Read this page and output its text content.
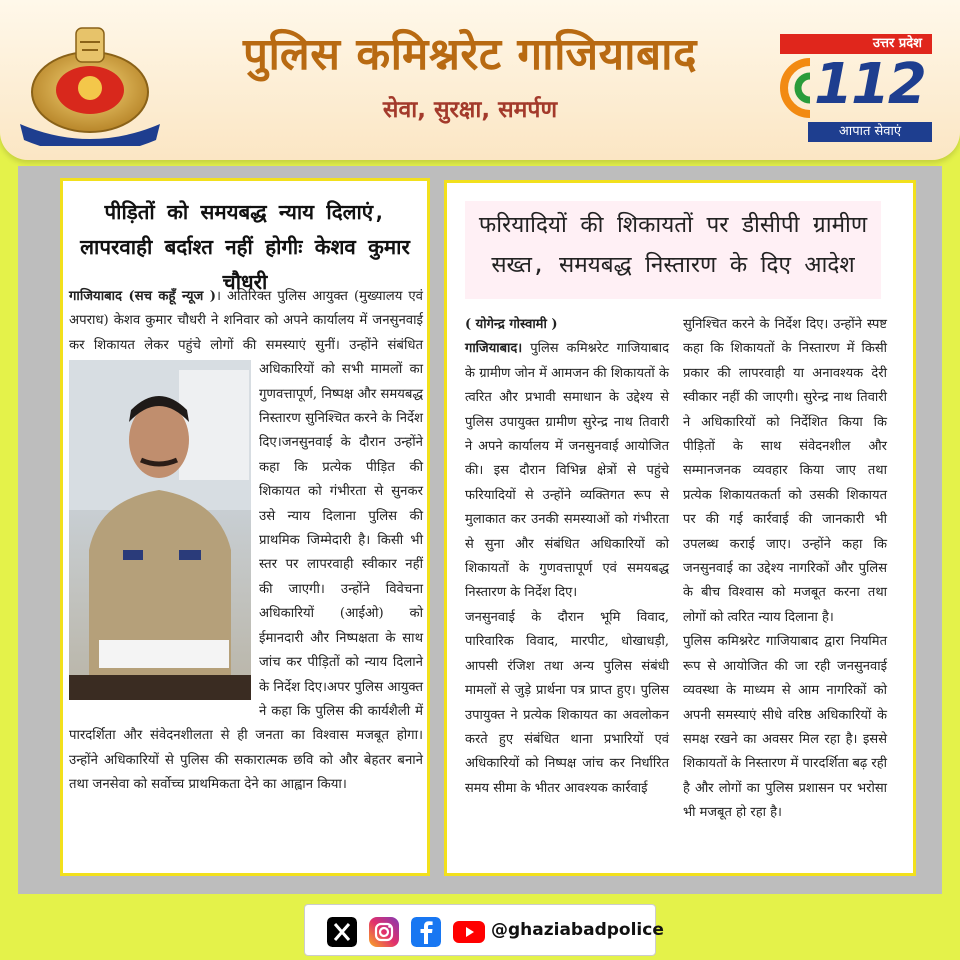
पुलिस कमिश्नरेट गाजियाबाद
सेवा, सुरक्षा, समर्पण
उत्तर प्रदेश
112
आपात सेवाएं
पीड़ितों को समयबद्ध न्याय दिलाएं, लापरवाही बर्दाश्त नहीं होगीः केशव कुमार चौधरी
गाजियाबाद (सच कहूँ न्यूज )। अतिरिक्त पुलिस आयुक्त (मुख्यालय एवं अपराध) केशव कुमार चौधरी ने शनिवार को अपने कार्यालय में जनसुनवाई कर शिकायत लेकर पहुंचे लोगों की समस्याएं सुनीं। उन्होंने संबंधित अधिकारियों को सभी मामलों का गुणवत्तापूर्ण, निष्पक्ष और समयबद्ध निस्तारण सुनिश्चित करने के निर्देश दिए।जनसुनवाई के दौरान उन्होंने कहा कि प्रत्येक पीड़ित की शिकायत को गंभीरता से सुनकर उसे न्याय दिलाना पुलिस की प्राथमिक जिम्मेदारी है। किसी भी स्तर पर लापरवाही स्वीकार नहीं की जाएगी। उन्होंने विवेचना अधिकारियों (आईओ) को ईमानदारी और निष्पक्षता के साथ जांच कर पीड़ितों को न्याय दिलाने के निर्देश दिए।अपर पुलिस आयुक्त ने कहा कि पुलिस की कार्यशैली में पारदर्शिता और संवेदनशीलता से ही जनता का विश्वास मजबूत होगा। उन्होंने अधिकारियों से पुलिस की सकारात्मक छवि को और बेहतर बनाने तथा जनसेवा को सर्वोच्च प्राथमिकता देने का आह्वान किया।
फरियादियों की शिकायतों पर डीसीपी ग्रामीण सख्त, समयबद्ध निस्तारण के दिए आदेश

( योगेन्द्र गोस्वामी )

गाजियाबाद। पुलिस कमिश्नरेट गाजियाबाद के ग्रामीण जोन में आमजन की शिकायतों के त्वरित और प्रभावी समाधान के उद्देश्य से पुलिस उपायुक्त ग्रामीण सुरेन्द्र नाथ तिवारी ने अपने कार्यालय में जनसुनवाई आयोजित की। इस दौरान विभिन्न क्षेत्रों से पहुंचे फरियादियों से उन्होंने व्यक्तिगत रूप से मुलाकात कर उनकी समस्याओं को गंभीरता से सुना और संबंधित अधिकारियों को शिकायतों के गुणवत्तापूर्ण एवं समयबद्ध निस्तारण के निर्देश दिए।

जनसुनवाई के दौरान भूमि विवाद, पारिवारिक विवाद, मारपीट, धोखाधड़ी, आपसी रंजिश तथा अन्य पुलिस संबंधी मामलों से जुड़े प्रार्थना पत्र प्राप्त हुए। पुलिस उपायुक्त ने प्रत्येक शिकायत का अवलोकन करते हुए संबंधित थाना प्रभारियों एवं अधिकारियों को निष्पक्ष जांच कर निर्धारित समय सीमा के भीतर आवश्यक कार्रवाई

सुनिश्चित करने के निर्देश दिए। उन्होंने स्पष्ट कहा कि शिकायतों के निस्तारण में किसी प्रकार की लापरवाही या अनावश्यक देरी स्वीकार नहीं की जाएगी। सुरेन्द्र नाथ तिवारी ने अधिकारियों को निर्देशित किया कि पीड़ितों के साथ संवेदनशील और सम्मानजनक व्यवहार किया जाए तथा प्रत्येक शिकायतकर्ता को उसकी शिकायत पर की गई कार्रवाई की जानकारी भी उपलब्ध कराई जाए। उन्होंने कहा कि जनसुनवाई का उद्देश्य नागरिकों और पुलिस के बीच विश्वास को मजबूत करना तथा लोगों को त्वरित न्याय दिलाना है।

पुलिस कमिश्नरेट गाजियाबाद द्वारा नियमित रूप से आयोजित की जा रही जनसुनवाई व्यवस्था के माध्यम से आम नागरिकों को अपनी समस्याएं सीधे वरिष्ठ अधिकारियों के समक्ष रखने का अवसर मिल रहा है। इससे शिकायतों के निस्तारण में पारदर्शिता बढ़ रही है और लोगों का पुलिस प्रशासन पर भरोसा भी मजबूत हो रहा है।

@ghaziabadpolice
